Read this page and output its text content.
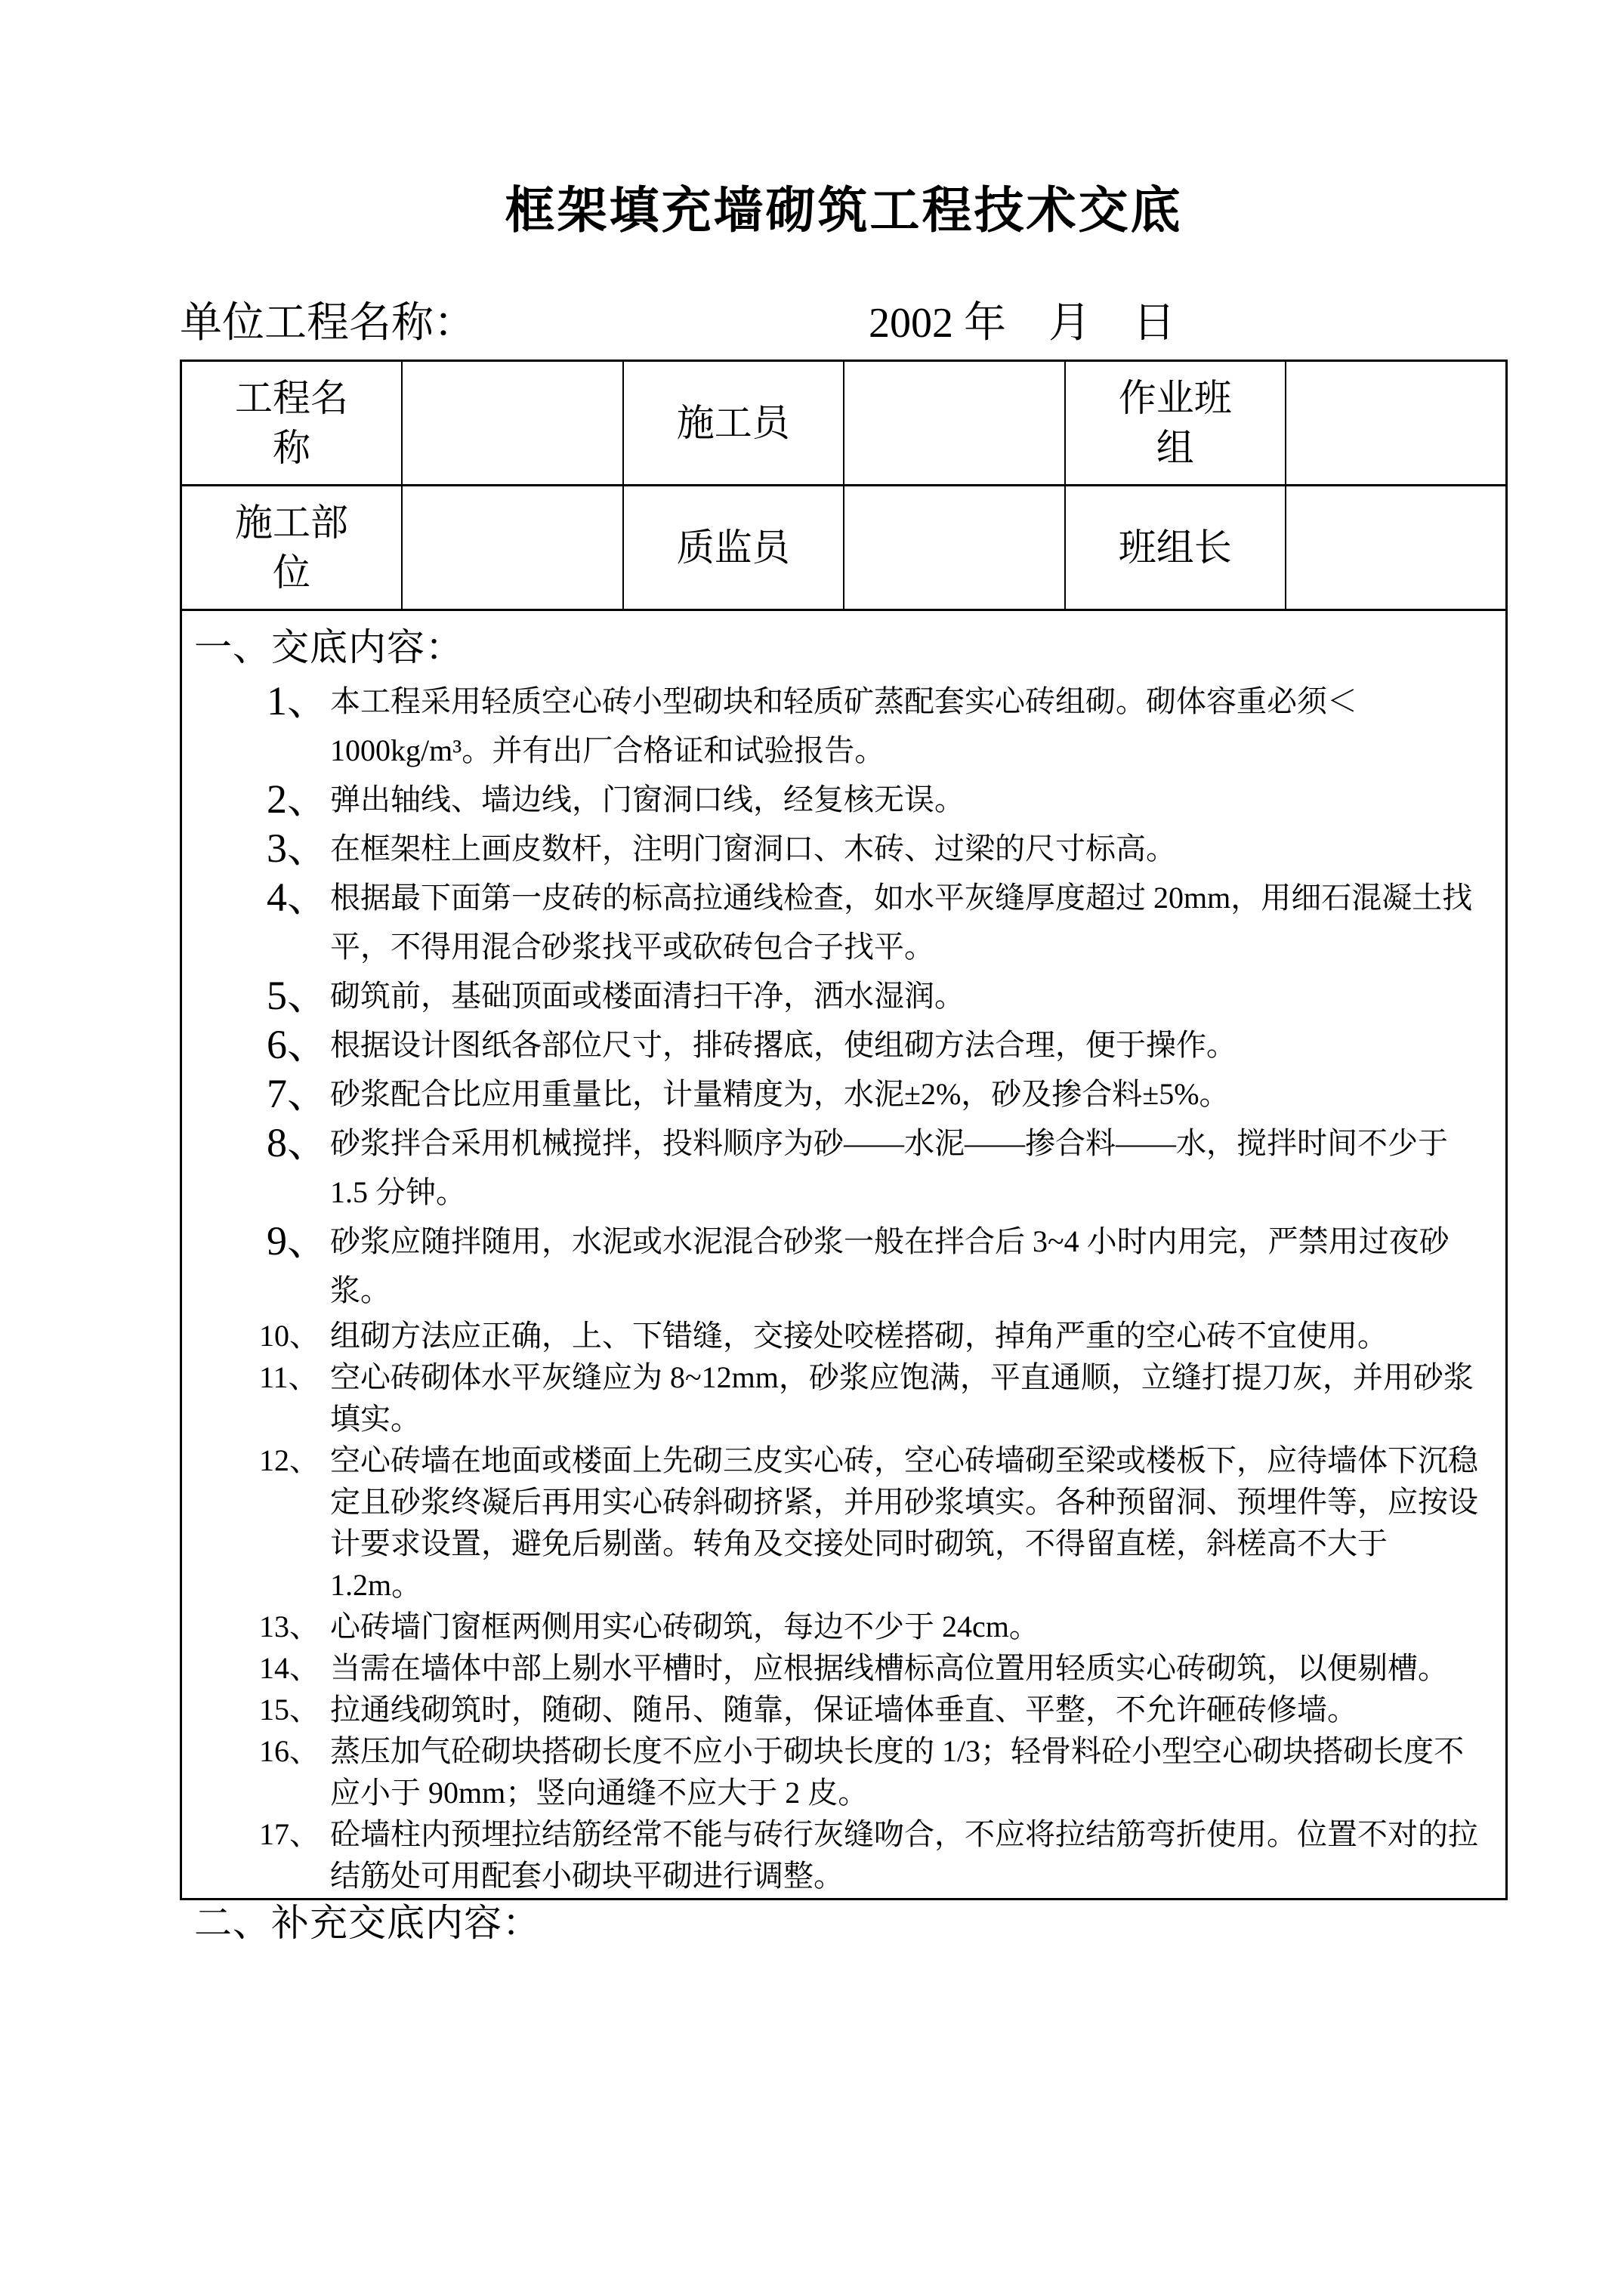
框架填充墙砌筑工程技术交底
单位工程名称：	2002 年　月　日
工程名称		施工员		作业班组	
施工部位		质监员		班组长	
一、交底内容：
1、 本工程采用轻质空心砖小型砌块和轻质矿蒸配套实心砖组砌。砌体容重必须＜1000kg/m³。并有出厂合格证和试验报告。
2、 弹出轴线、墙边线，门窗洞口线，经复核无误。
3、 在框架柱上画皮数杆，注明门窗洞口、木砖、过梁的尺寸标高。
4、 根据最下面第一皮砖的标高拉通线检查，如水平灰缝厚度超过 20mm，用细石混凝土找平，不得用混合砂浆找平或砍砖包合子找平。
5、 砌筑前，基础顶面或楼面清扫干净，洒水湿润。
6、 根据设计图纸各部位尺寸，排砖撂底，使组砌方法合理，便于操作。
7、 砂浆配合比应用重量比，计量精度为，水泥±2%，砂及掺合料±5%。
8、 砂浆拌合采用机械搅拌，投料顺序为砂——水泥——掺合料——水，搅拌时间不少于 1.5 分钟。
9、 砂浆应随拌随用，水泥或水泥混合砂浆一般在拌合后 3~4 小时内用完，严禁用过夜砂浆。
10、 组砌方法应正确，上、下错缝，交接处咬槎搭砌，掉角严重的空心砖不宜使用。
11、 空心砖砌体水平灰缝应为 8~12mm，砂浆应饱满，平直通顺，立缝打提刀灰，并用砂浆填实。
12、 空心砖墙在地面或楼面上先砌三皮实心砖，空心砖墙砌至梁或楼板下，应待墙体下沉稳定且砂浆终凝后再用实心砖斜砌挤紧，并用砂浆填实。各种预留洞、预埋件等，应按设计要求设置，避免后剔凿。转角及交接处同时砌筑，不得留直槎，斜槎高不大于 1.2m。
13、 心砖墙门窗框两侧用实心砖砌筑，每边不少于 24cm。
14、 当需在墙体中部上剔水平槽时，应根据线槽标高位置用轻质实心砖砌筑，以便剔槽。
15、 拉通线砌筑时，随砌、随吊、随靠，保证墙体垂直、平整，不允许砸砖修墙。
16、 蒸压加气砼砌块搭砌长度不应小于砌块长度的 1/3；轻骨料砼小型空心砌块搭砌长度不应小于 90mm；竖向通缝不应大于 2 皮。
17、 砼墙柱内预埋拉结筋经常不能与砖行灰缝吻合，不应将拉结筋弯折使用。位置不对的拉结筋处可用配套小砌块平砌进行调整。
二、补充交底内容：
